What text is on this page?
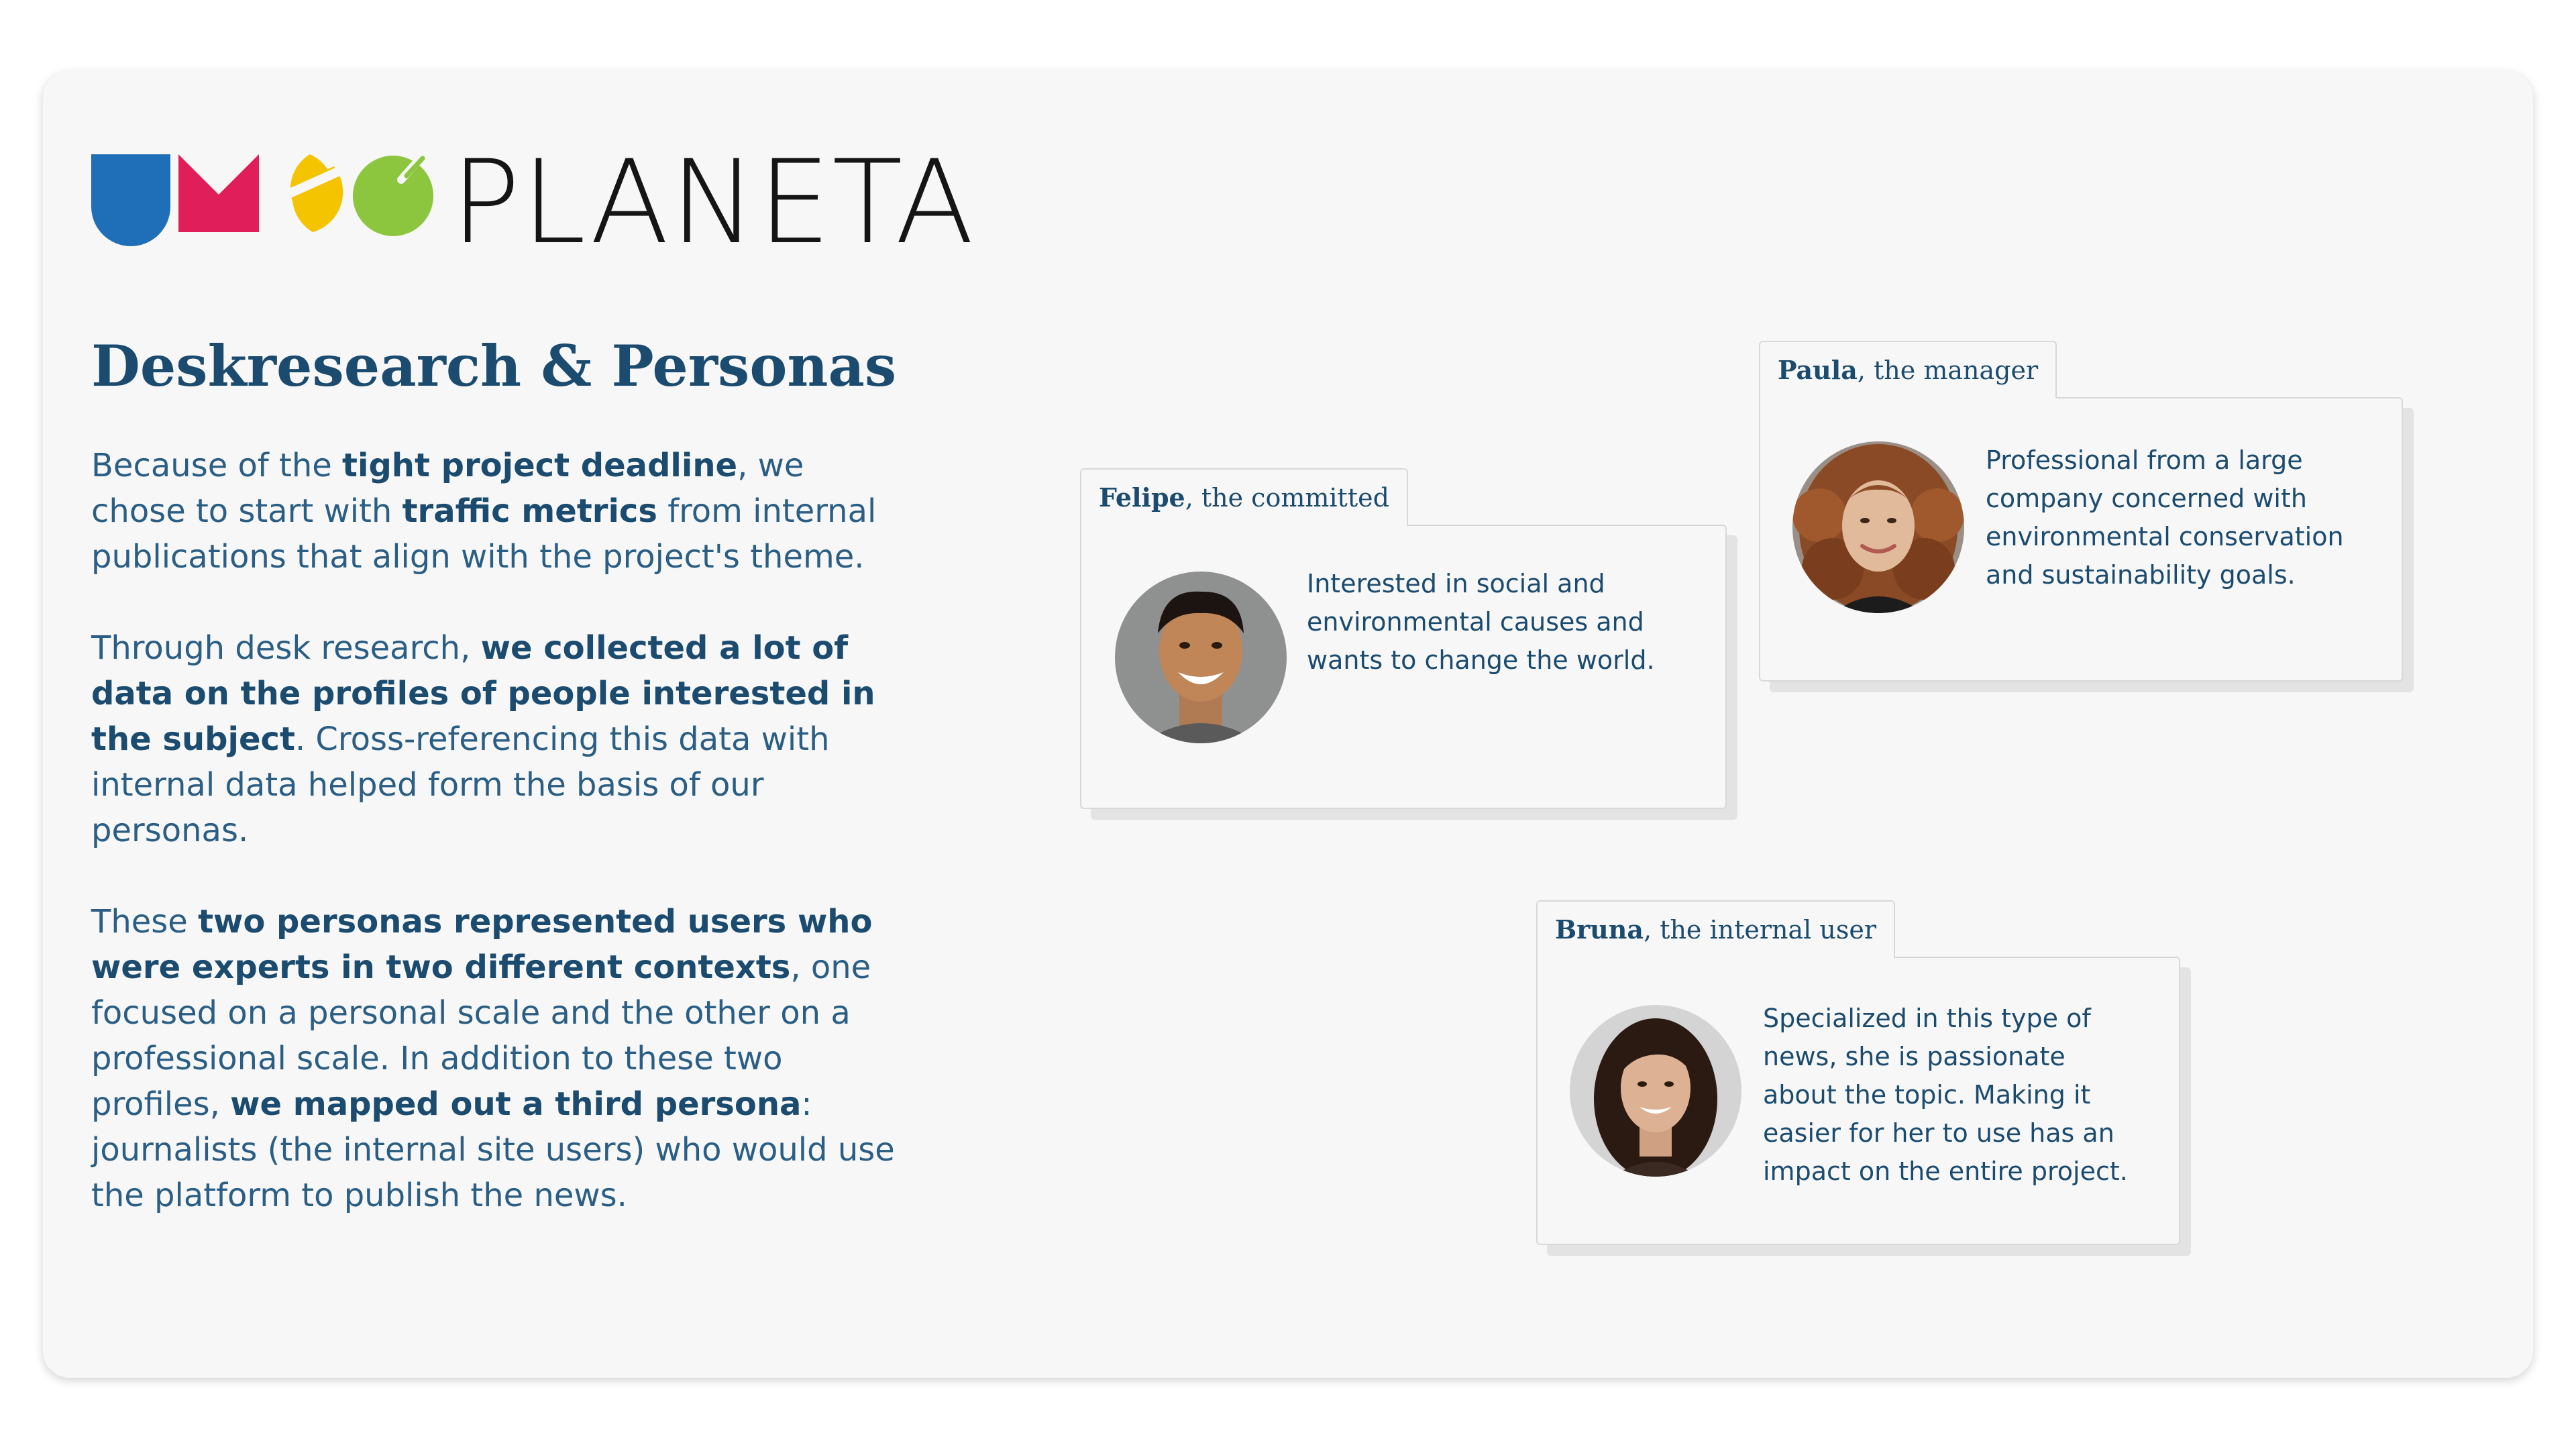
PLANETA
Deskresearch & Personas

Because of the tight project deadline, we chose to start with traffic metrics from internal publications that align with the project's theme.

Through desk research, we collected a lot of data on the profiles of people interested in the subject. Cross-referencing this data with internal data helped form the basis of our personas.

These two personas represented users who were experts in two different contexts, one focused on a personal scale and the other on a professional scale. In addition to these two profiles, we mapped out a third persona: journalists (the internal site users) who would use the platform to publish the news.

Felipe, the committed
Interested in social and environmental causes and wants to change the world.
Paula, the manager
Professional from a large company concerned with environmental conservation and sustainability goals.
Bruna, the internal user
Specialized in this type of news, she is passionate about the topic. Making it easier for her to use has an impact on the entire project.
